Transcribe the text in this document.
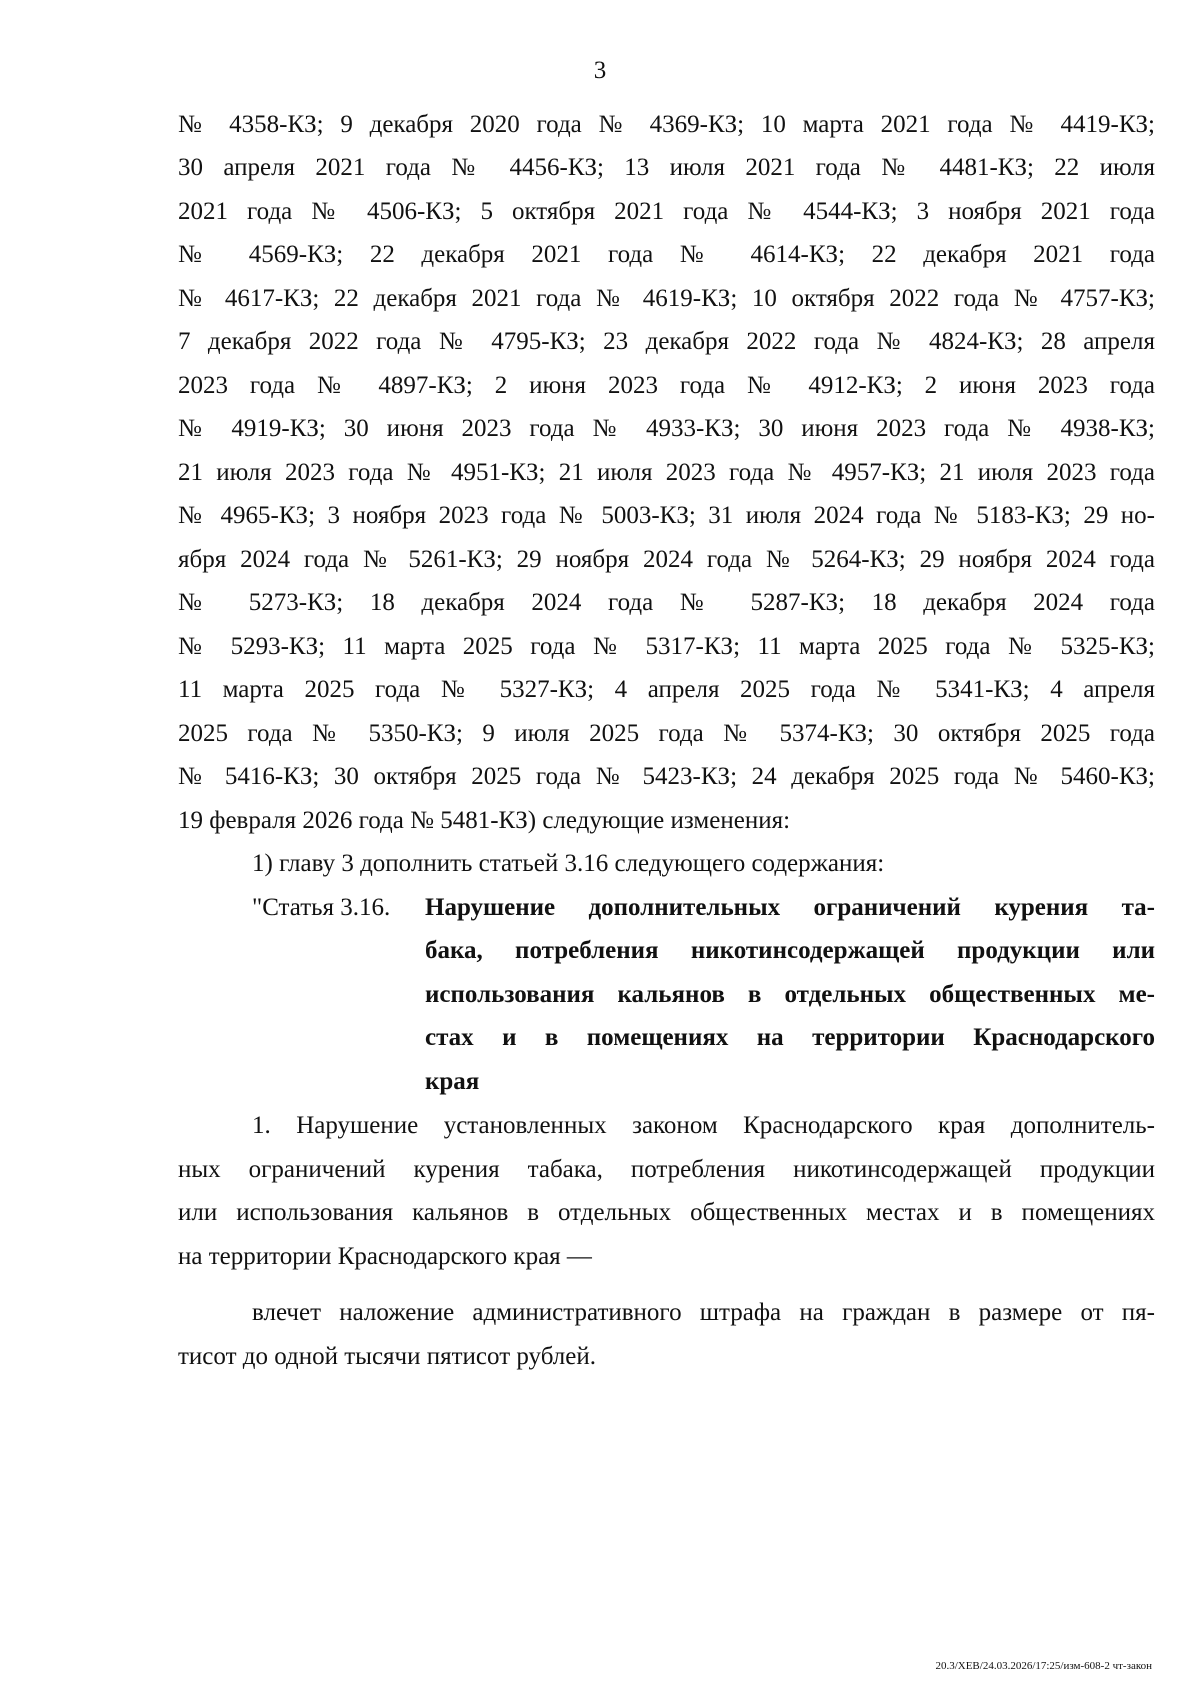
3
№ 4358-КЗ; 9 декабря 2020 года № 4369-КЗ; 10 марта 2021 года № 4419-КЗ;
30 апреля 2021 года № 4456-КЗ; 13 июля 2021 года № 4481-КЗ; 22 июля
2021 года № 4506-КЗ; 5 октября 2021 года № 4544-КЗ; 3 ноября 2021 года
№ 4569-КЗ; 22 декабря 2021 года № 4614-КЗ; 22 декабря 2021 года
№ 4617-КЗ; 22 декабря 2021 года № 4619-КЗ; 10 октября 2022 года № 4757-КЗ;
7 декабря 2022 года № 4795-КЗ; 23 декабря 2022 года № 4824-КЗ; 28 апреля
2023 года № 4897-КЗ; 2 июня 2023 года № 4912-КЗ; 2 июня 2023 года
№ 4919-КЗ; 30 июня 2023 года № 4933-КЗ; 30 июня 2023 года № 4938-КЗ;
21 июля 2023 года № 4951-КЗ; 21 июля 2023 года № 4957-КЗ; 21 июля 2023 года
№ 4965-КЗ; 3 ноября 2023 года № 5003-КЗ; 31 июля 2024 года № 5183-КЗ; 29 но-
ября 2024 года № 5261-КЗ; 29 ноября 2024 года № 5264-КЗ; 29 ноября 2024 года
№ 5273-КЗ; 18 декабря 2024 года № 5287-КЗ; 18 декабря 2024 года
№ 5293-КЗ; 11 марта 2025 года № 5317-КЗ; 11 марта 2025 года № 5325-КЗ;
11 марта 2025 года № 5327-КЗ; 4 апреля 2025 года № 5341-КЗ; 4 апреля
2025 года № 5350-КЗ; 9 июля 2025 года № 5374-КЗ; 30 октября 2025 года
№ 5416-КЗ; 30 октября 2025 года № 5423-КЗ; 24 декабря 2025 года № 5460-КЗ;
19 февраля 2026 года № 5481-КЗ) следующие изменения:
1) главу 3 дополнить статьей 3.16 следующего содержания:
"Статья 3.16.	Нарушение дополнительных ограничений курения та-
бака, потребления никотинсодержащей продукции или
использования кальянов в отдельных общественных ме-
стах и в помещениях на территории Краснодарского
края
1. Нарушение установленных законом Краснодарского края дополнитель-
ных ограничений курения табака, потребления никотинсодержащей продукции
или использования кальянов в отдельных общественных местах и в помещениях
на территории Краснодарского края —
влечет наложение административного штрафа на граждан в размере от пя-
тисот до одной тысячи пятисот рублей.
20.3/ХЕВ/24.03.2026/17:25/изм-608-2 чт-закон
